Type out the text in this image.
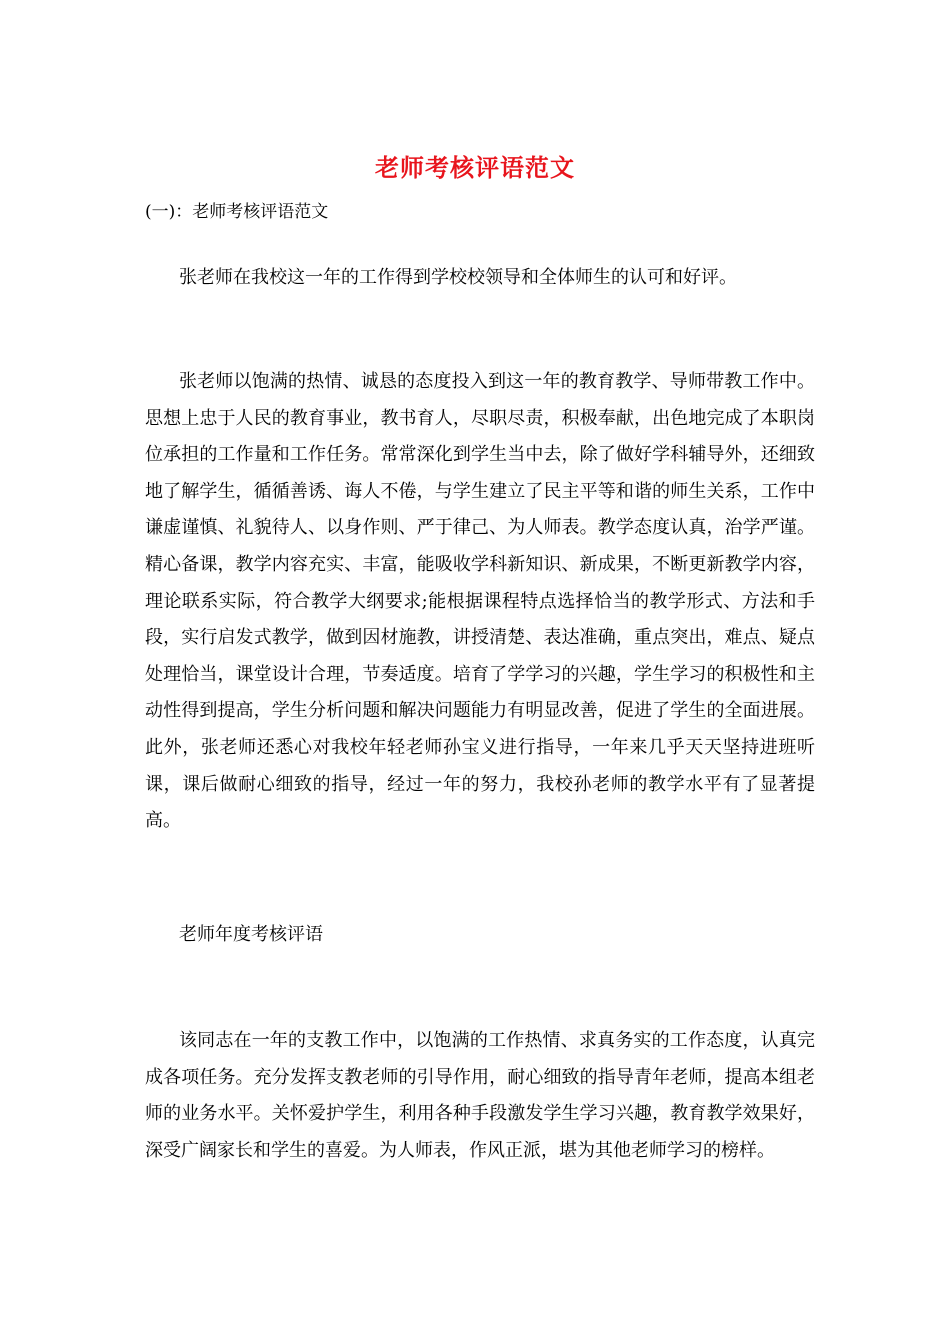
老师考核评语范文
(一)：老师考核评语范文

张老师在我校这一年的工作得到学校校领导和全体师生的认可和好评。

张老师以饱满的热情、诚恳的态度投入到这一年的教育教学、导师带教工作中。思想上忠于人民的教育事业，教书育人，尽职尽责，积极奉献，出色地完成了本职岗位承担的工作量和工作任务。常常深化到学生当中去，除了做好学科辅导外，还细致地了解学生，循循善诱、诲人不倦，与学生建立了民主平等和谐的师生关系，工作中谦虚谨慎、礼貌待人、以身作则、严于律己、为人师表。教学态度认真，治学严谨。精心备课，教学内容充实、丰富，能吸收学科新知识、新成果，不断更新教学内容，理论联系实际，符合教学大纲要求;能根据课程特点选择恰当的教学形式、方法和手段，实行启发式教学，做到因材施教，讲授清楚、表达准确，重点突出，难点、疑点处理恰当，课堂设计合理，节奏适度。培育了学学习的兴趣，学生学习的积极性和主动性得到提高，学生分析问题和解决问题能力有明显改善，促进了学生的全面进展。此外，张老师还悉心对我校年轻老师孙宝义进行指导，一年来几乎天天坚持进班听课，课后做耐心细致的指导，经过一年的努力，我校孙老师的教学水平有了显著提高。

老师年度考核评语

该同志在一年的支教工作中，以饱满的工作热情、求真务实的工作态度，认真完成各项任务。充分发挥支教老师的引导作用，耐心细致的指导青年老师，提高本组老师的业务水平。关怀爱护学生，利用各种手段激发学生学习兴趣，教育教学效果好，深受广阔家长和学生的喜爱。为人师表，作风正派，堪为其他老师学习的榜样。
